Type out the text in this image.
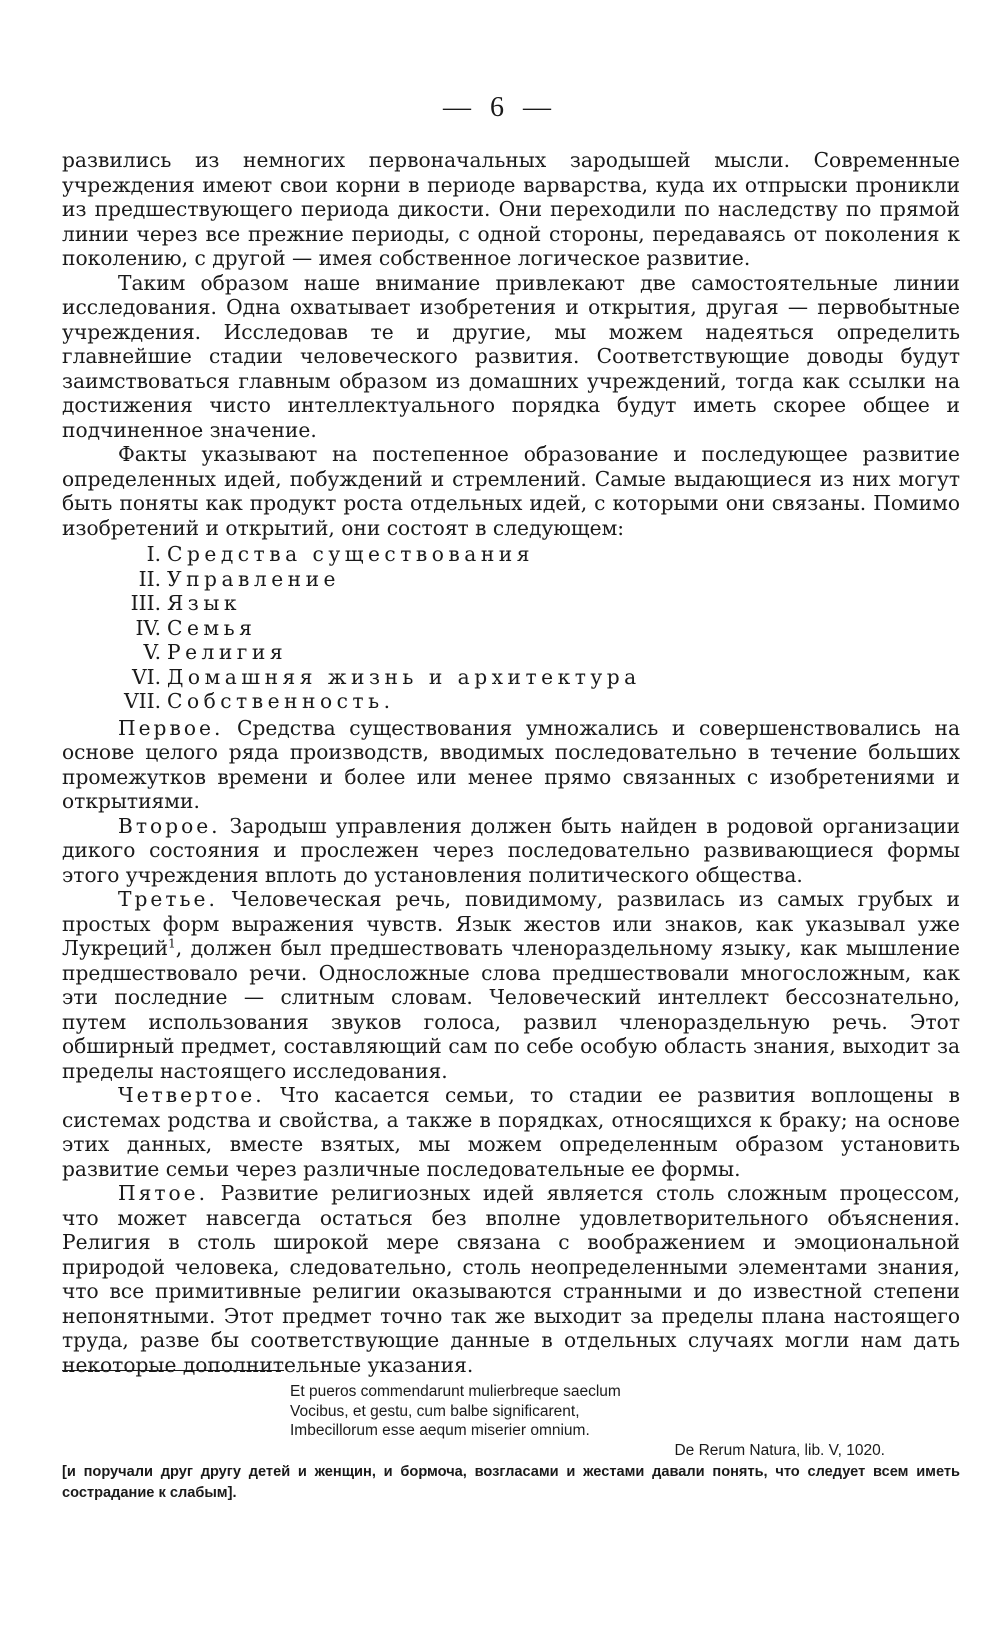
— 6 —

развились из немногих первоначальных зародышей мысли. Современные учреждения имеют свои корни в периоде варварства, куда их отпрыски проникли из предшествующего периода дикости. Они переходили по наследству по прямой линии через все прежние периоды, с одной стороны, передаваясь от поколения к поколению, с другой — имея собственное логическое развитие.

Таким образом наше внимание привлекают две самостоятельные линии исследования. Одна охватывает изобретения и открытия, другая — первобытные учреждения. Исследовав те и другие, мы можем надеяться определить главнейшие стадии человеческого развития. Соответствующие доводы будут заимствоваться главным образом из домашних учреждений, тогда как ссылки на достижения чисто интеллектуального порядка будут иметь скорее общее и подчиненное значение.

Факты указывают на постепенное образование и последующее развитие определенных идей, побуждений и стремлений. Самые выдающиеся из них могут быть поняты как продукт роста отдельных идей, с которыми они связаны. Помимо изобретений и открытий, они состоят в следующем:

I. Средства существования
II. Управление
III. Язык
IV. Семья
V. Религия
VI. Домашняя жизнь и архитектура
VII. Собственность.

Первое. Средства существования умножались и совершенствовались на основе целого ряда производств, вводимых последовательно в течение больших промежутков времени и более или менее прямо связанных с изобретениями и открытиями.

Второе. Зародыш управления должен быть найден в родовой организации дикого состояния и прослежен через последовательно развивающиеся формы этого учреждения вплоть до установления политического общества.

Третье. Человеческая речь, повидимому, развилась из самых грубых и простых форм выражения чувств. Язык жестов или знаков, как указывал уже Лукреций$^1$, должен был предшествовать членораздельному языку, как мышление предшествовало речи. Односложные слова предшествовали многосложным, как эти последние — слитным словам. Человеческий интеллект бессознательно, путем использования звуков голоса, развил членораздельную речь. Этот обширный предмет, составляющий сам по себе особую область знания, выходит за пределы настоящего исследования.

Четвертое. Что касается семьи, то стадии ее развития воплощены в системах родства и свойства, а также в порядках, относящихся к браку; на основе этих данных, вместе взятых, мы можем определенным образом установить развитие семьи через различные последовательные ее формы.

Пятое. Развитие религиозных идей является столь сложным процессом, что может навсегда остаться без вполне удовлетворительного объяснения. Религия в столь широкой мере связана с воображением и эмоциональной природой человека, следовательно, столь неопределенными элементами знания, что все примитивные религии оказываются странными и до известной степени непонятными. Этот предмет точно так же выходит за пределы плана настоящего труда, разве бы соответствующие данные в отдельных случаях могли нам дать некоторые дополнительные указания.

Et pueros commendarunt mulierbreque saeclum
Vocibus, et gestu, cum balbe significarent,
Imbecillorum esse aequm miserier omnium.
De Rerum Natura, lib. V, 1020.
[и поручали друг другу детей и женщин, и бормоча, возгласами и жестами давали понять, что следует всем иметь сострадание к слабым].
